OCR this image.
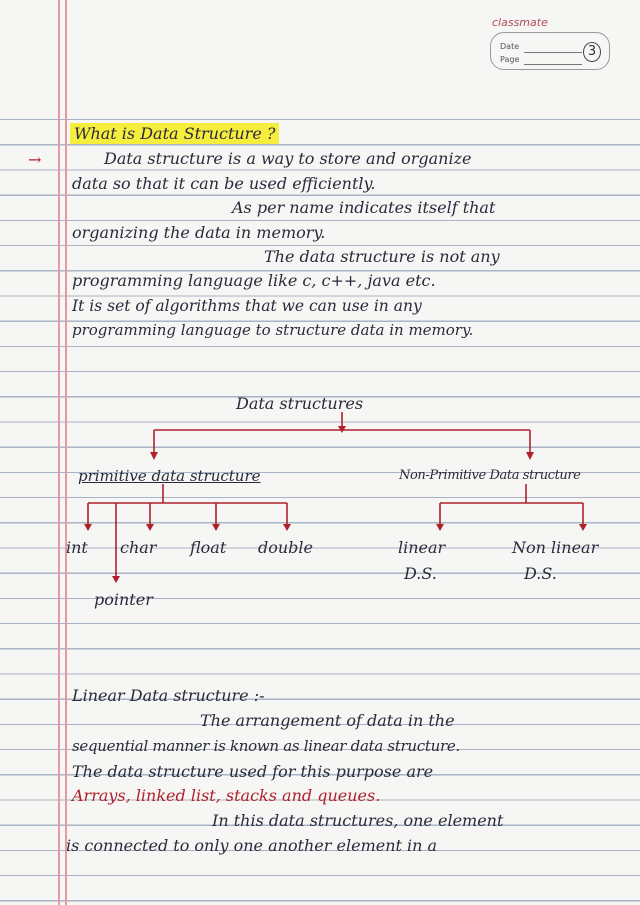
classmate
Date
Page
3

What is Data Structure ?

→	Data structure is a way to store and organize

data so that it can be used efficiently.

As per name indicates itself that

organizing the data in memory.

The data structure is not any

programming language like c, c++, java etc.

It is set of algorithms that we can use in any

programming language to structure data in memory.

Data structures

primitive data structure	Non-Primitive Data structure

int char float double

pointer

linear

D.S.

Non linear

D.S.

Linear Data structure :-

The arrangement of data in the

sequential manner is known as linear data structure.

The data structure used for this purpose are

Arrays, linked list, stacks and queues.

In this data structures, one element

is connected to only one another element in a
